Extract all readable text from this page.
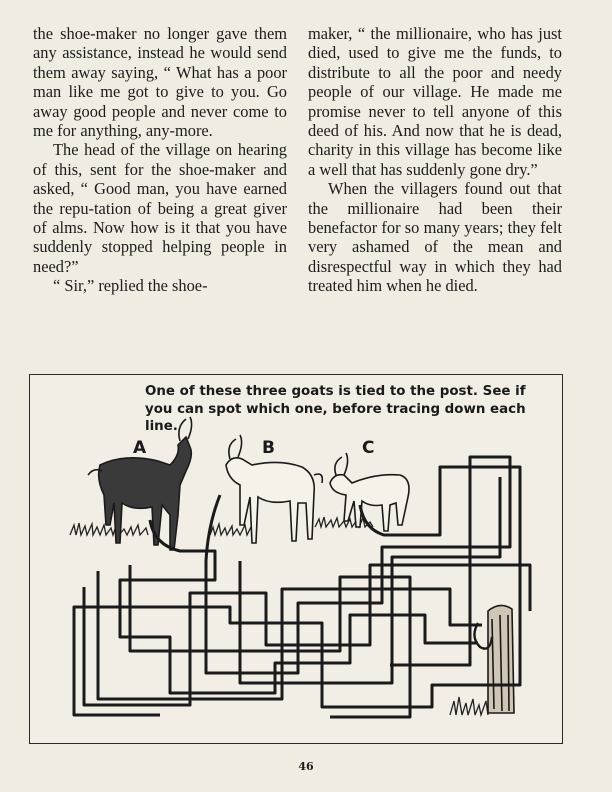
the shoe-maker no longer gave them any assistance, instead he would send them away saying, “ What has a poor man like me got to give to you. Go away good people and never come to me for anything, any-more.

The head of the village on hearing of this, sent for the shoe-maker and asked, “ Good man, you have earned the repu-tation of being a great giver of alms. Now how is it that you have suddenly stopped helping people in need?”

“ Sir,” replied the shoe-

maker, “ the millionaire, who has just died, used to give me the funds, to distribute to all the poor and needy people of our village. He made me promise never to tell anyone of this deed of his. And now that he is dead, charity in this village has become like a well that has suddenly gone dry.”

When the villagers found out that the millionaire had been their benefactor for so many years; they felt very ashamed of the mean and disrespectful way in which they had treated him when he died.

One of these three goats is tied to the post. See if you can spot which one, before tracing down each line.
A	B	C
46
